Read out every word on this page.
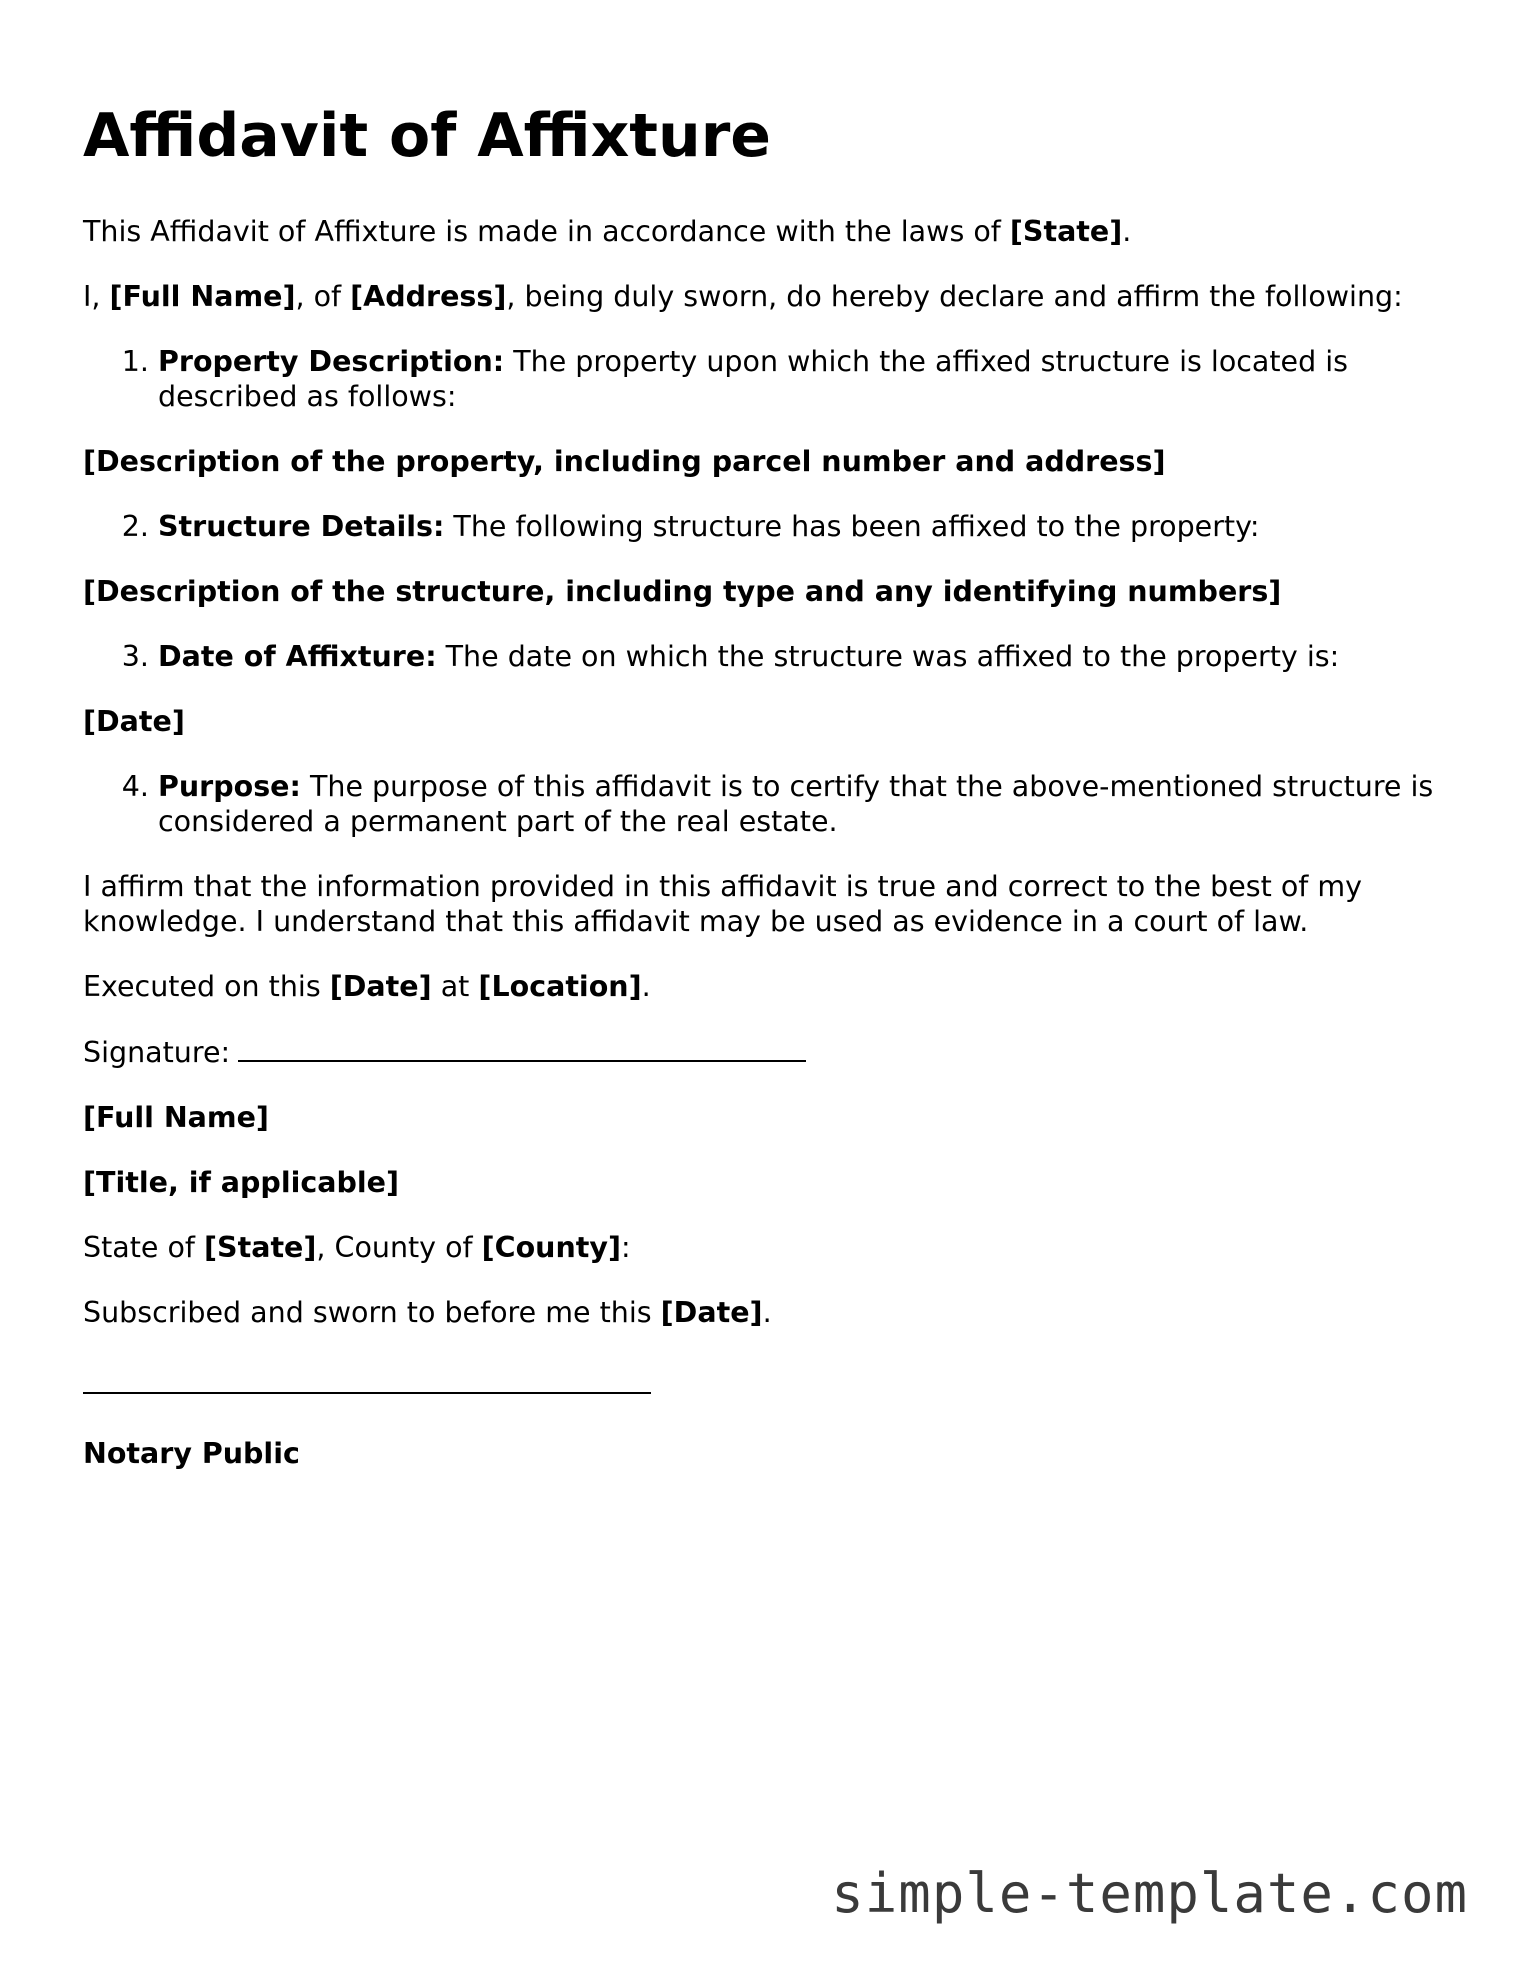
Affidavit of Affixture

This Affidavit of Affixture is made in accordance with the laws of [State].

I, [Full Name], of [Address], being duly sworn, do hereby declare and affirm the following:

1. Property Description: The property upon which the affixed structure is located is described as follows:

[Description of the property, including parcel number and address]

2. Structure Details: The following structure has been affixed to the property:

[Description of the structure, including type and any identifying numbers]

3. Date of Affixture: The date on which the structure was affixed to the property is:

[Date]

4. Purpose: The purpose of this affidavit is to certify that the above-mentioned structure is considered a permanent part of the real estate.

I affirm that the information provided in this affidavit is true and correct to the best of my knowledge. I understand that this affidavit may be used as evidence in a court of law.

Executed on this [Date] at [Location].

Signature:

[Full Name]

[Title, if applicable]

State of [State], County of [County]:

Subscribed and sworn to before me this [Date].

Notary Public

simple-template.com
